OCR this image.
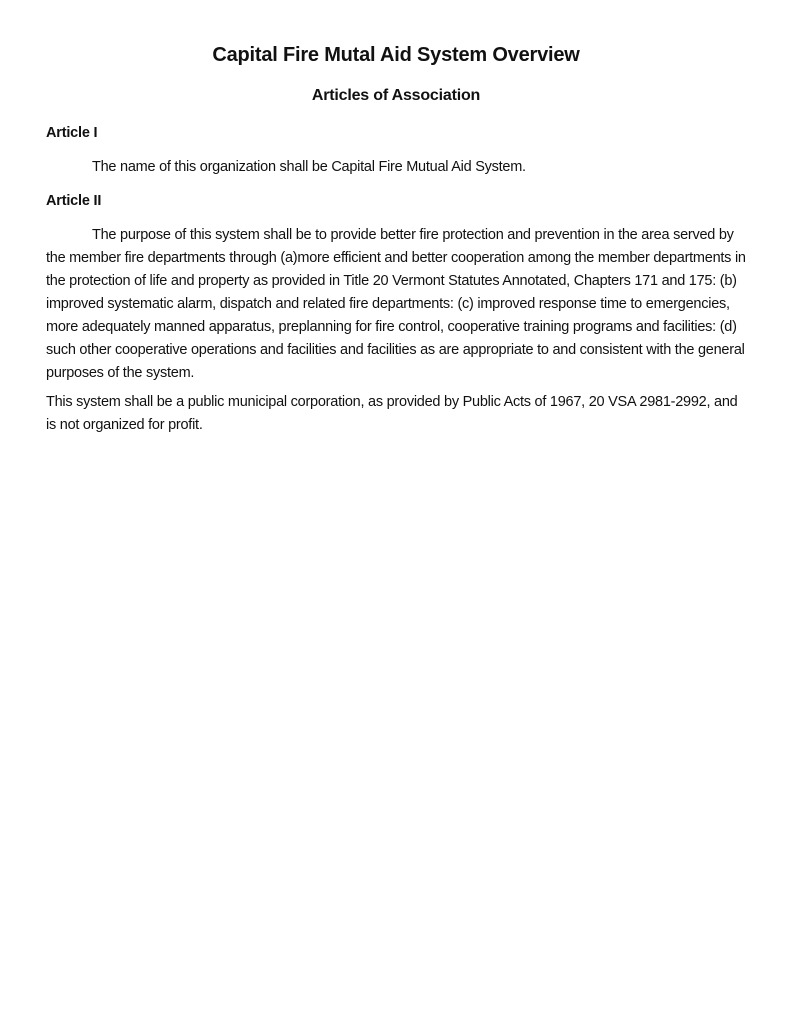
Capital Fire Mutal Aid System Overview
Articles of Association
Article I

The name of this organization shall be Capital Fire Mutual Aid System.

Article II

The purpose of this system shall be to provide better fire protection and prevention in the area served by the member fire departments through (a)more efficient and better cooperation among the member departments in the protection of life and property as provided in Title 20 Vermont Statutes Annotated, Chapters 171 and 175: (b) improved systematic alarm, dispatch and related fire departments: (c) improved response time to emergencies, more adequately manned apparatus, preplanning for fire control, cooperative training programs and facilities: (d) such other cooperative operations and facilities and facilities as are appropriate to and consistent with the general purposes of the system.

This system shall be a public municipal corporation, as provided by Public Acts of 1967, 20 VSA 2981-2992, and is not organized for profit.
